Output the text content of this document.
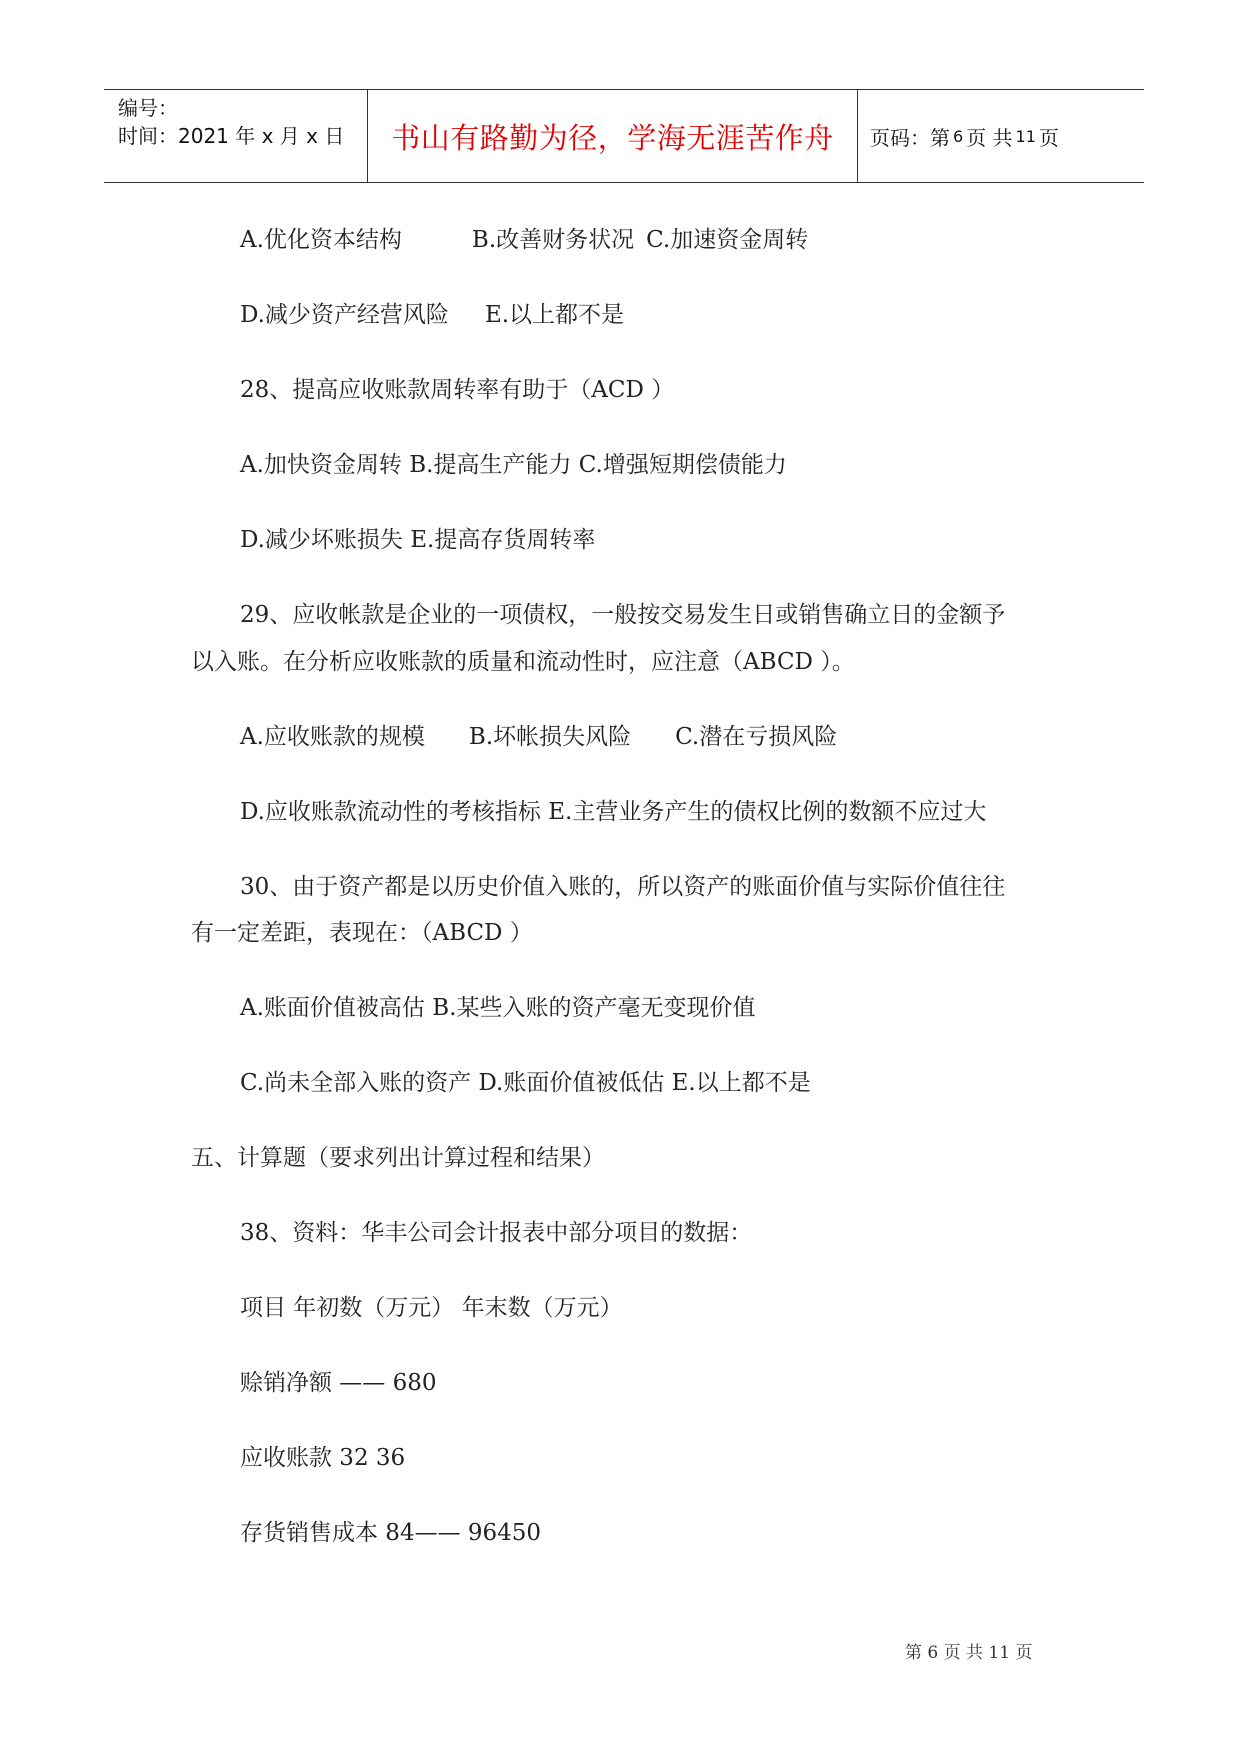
编号：
时间：2021 年 x 月 x 日	书山有路勤为径，学海无涯苦作舟	页码：第 6 页 共 11 页
A.优化资本结构	B.改善财务状况 C.加速资金周转
D.减少资产经营风险 E.以上都不是
28、提高应收账款周转率有助于（ACD ）
A.加快资金周转 B.提高生产能力 C.增强短期偿债能力
D.减少坏账损失 E.提高存货周转率
29、应收帐款是企业的一项债权，一般按交易发生日或销售确立日的金额予
以入账。在分析应收账款的质量和流动性时，应注意（ABCD ）。
A.应收账款的规模 B.坏帐损失风险 C.潜在亏损风险
D.应收账款流动性的考核指标 E.主营业务产生的债权比例的数额不应过大
30、由于资产都是以历史价值入账的，所以资产的账面价值与实际价值往往
有一定差距，表现在：（ABCD ）
A.账面价值被高估 B.某些入账的资产毫无变现价值
C.尚未全部入账的资产 D.账面价值被低估 E.以上都不是
五、计算题（要求列出计算过程和结果）
38、资料：华丰公司会计报表中部分项目的数据：
项目 年初数（万元） 年末数（万元）
赊销净额 —— 680
应收账款 32 36
存货销售成本 84—— 96450
第 6 页 共 11 页
